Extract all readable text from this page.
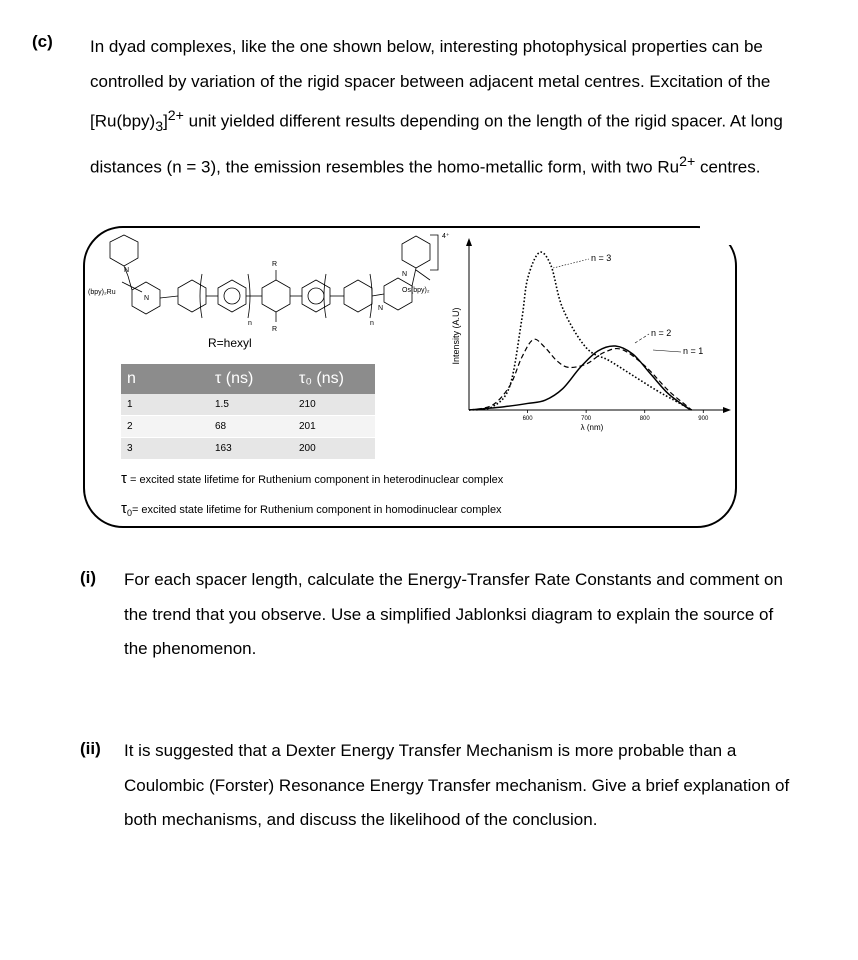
(c) In dyad complexes, like the one shown below, interesting photophysical properties can be controlled by variation of the rigid spacer between adjacent metal centres. Excitation of the $[Ru(bpy)_3]^{2+}$ unit yielded different results depending on the length of the rigid spacer. At long distances (n = 3), the emission resembles the homo-metallic form, with two $Ru^{2+}$ centres.
N
N
N
N
(bpy)₂Ru	Os(bpy)₂
R
R
n	n
4⁺
R=hexyl
n	τ (ns)	τ₀ (ns)
1	1.5	210
2	68	201
3	163	200
τ = excited state lifetime for Ruthenium component in heterodinuclear complex
$\tau_0=$ excited state lifetime for Ruthenium component in homodinuclear complex
Intensity (A.U)
λ (nm)
600	700	800	900
n = 3
n = 2
n = 1
(i) For each spacer length, calculate the Energy-Transfer Rate Constants and comment on the trend that you observe. Use a simplified Jablonksi diagram to explain the source of the phenomenon.
(ii) It is suggested that a Dexter Energy Transfer Mechanism is more probable than a Coulombic (Forster) Resonance Energy Transfer mechanism. Give a brief explanation of both mechanisms, and discuss the likelihood of the conclusion.
